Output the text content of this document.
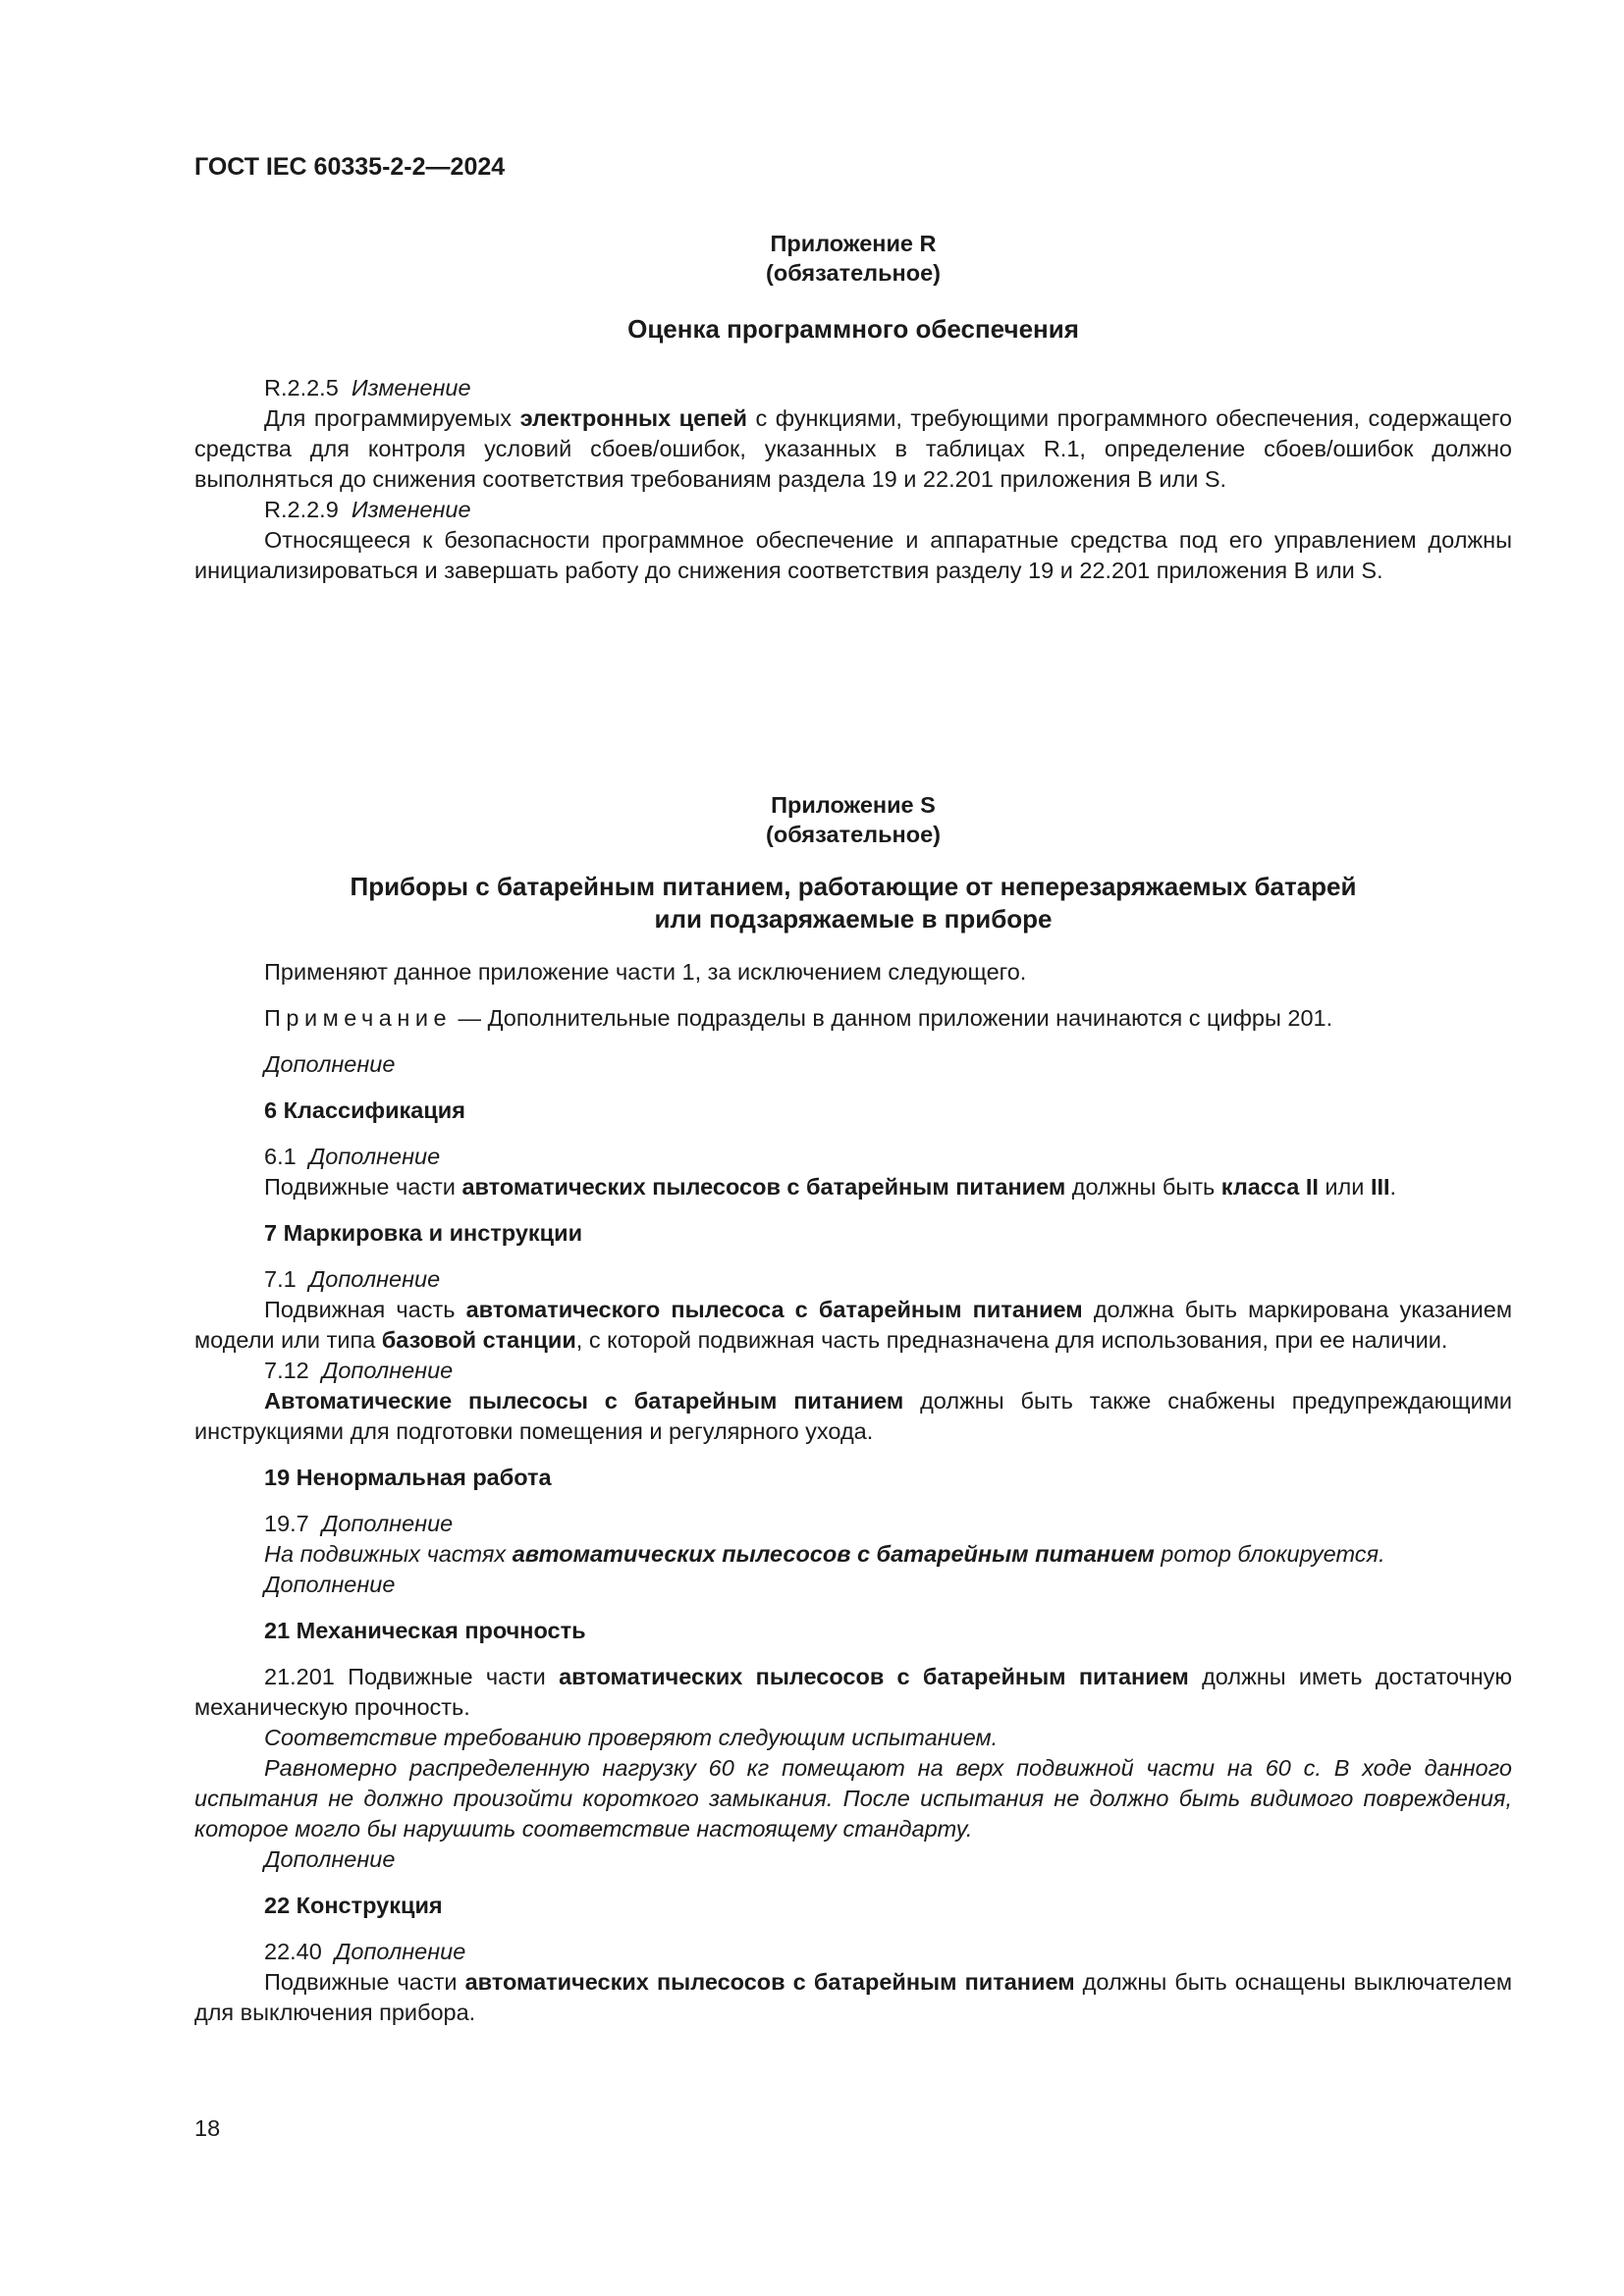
ГОСТ IEC 60335-2-2—2024
Приложение R
(обязательное)
Оценка программного обеспечения

R.2.2.5 Изменение

Для программируемых электронных цепей с функциями, требующими программного обеспечения, содержащего средства для контроля условий сбоев/ошибок, указанных в таблицах R.1, определение сбоев/ошибок должно выполняться до снижения соответствия требованиям раздела 19 и 22.201 приложения В или S.

R.2.2.9 Изменение

Относящееся к безопасности программное обеспечение и аппаратные средства под его управлением должны инициализироваться и завершать работу до снижения соответствия разделу 19 и 22.201 приложения В или S.

Приложение S
(обязательное)
Приборы с батарейным питанием, работающие от неперезаряжаемых батарей
или подзаряжаемые в приборе

Применяют данное приложение части 1, за исключением следующего.

Примечание — Дополнительные подразделы в данном приложении начинаются с цифры 201.

Дополнение

6 Классификация

6.1 Дополнение

Подвижные части автоматических пылесосов с батарейным питанием должны быть класса II или III.

7 Маркировка и инструкции

7.1 Дополнение

Подвижная часть автоматического пылесоса с батарейным питанием должна быть маркирована указанием модели или типа базовой станции, с которой подвижная часть предназначена для использования, при ее наличии.

7.12 Дополнение

Автоматические пылесосы с батарейным питанием должны быть также снабжены предупреждающими инструкциями для подготовки помещения и регулярного ухода.

19 Ненормальная работа

19.7 Дополнение

На подвижных частях автоматических пылесосов с батарейным питанием ротор блокируется.

Дополнение

21 Механическая прочность

21.201 Подвижные части автоматических пылесосов с батарейным питанием должны иметь достаточную механическую прочность.

Соответствие требованию проверяют следующим испытанием.

Равномерно распределенную нагрузку 60 кг помещают на верх подвижной части на 60 с. В ходе данного испытания не должно произойти короткого замыкания. После испытания не должно быть видимого повреждения, которое могло бы нарушить соответствие настоящему стандарту.

Дополнение

22 Конструкция

22.40 Дополнение

Подвижные части автоматических пылесосов с батарейным питанием должны быть оснащены выключателем для выключения прибора.

18
